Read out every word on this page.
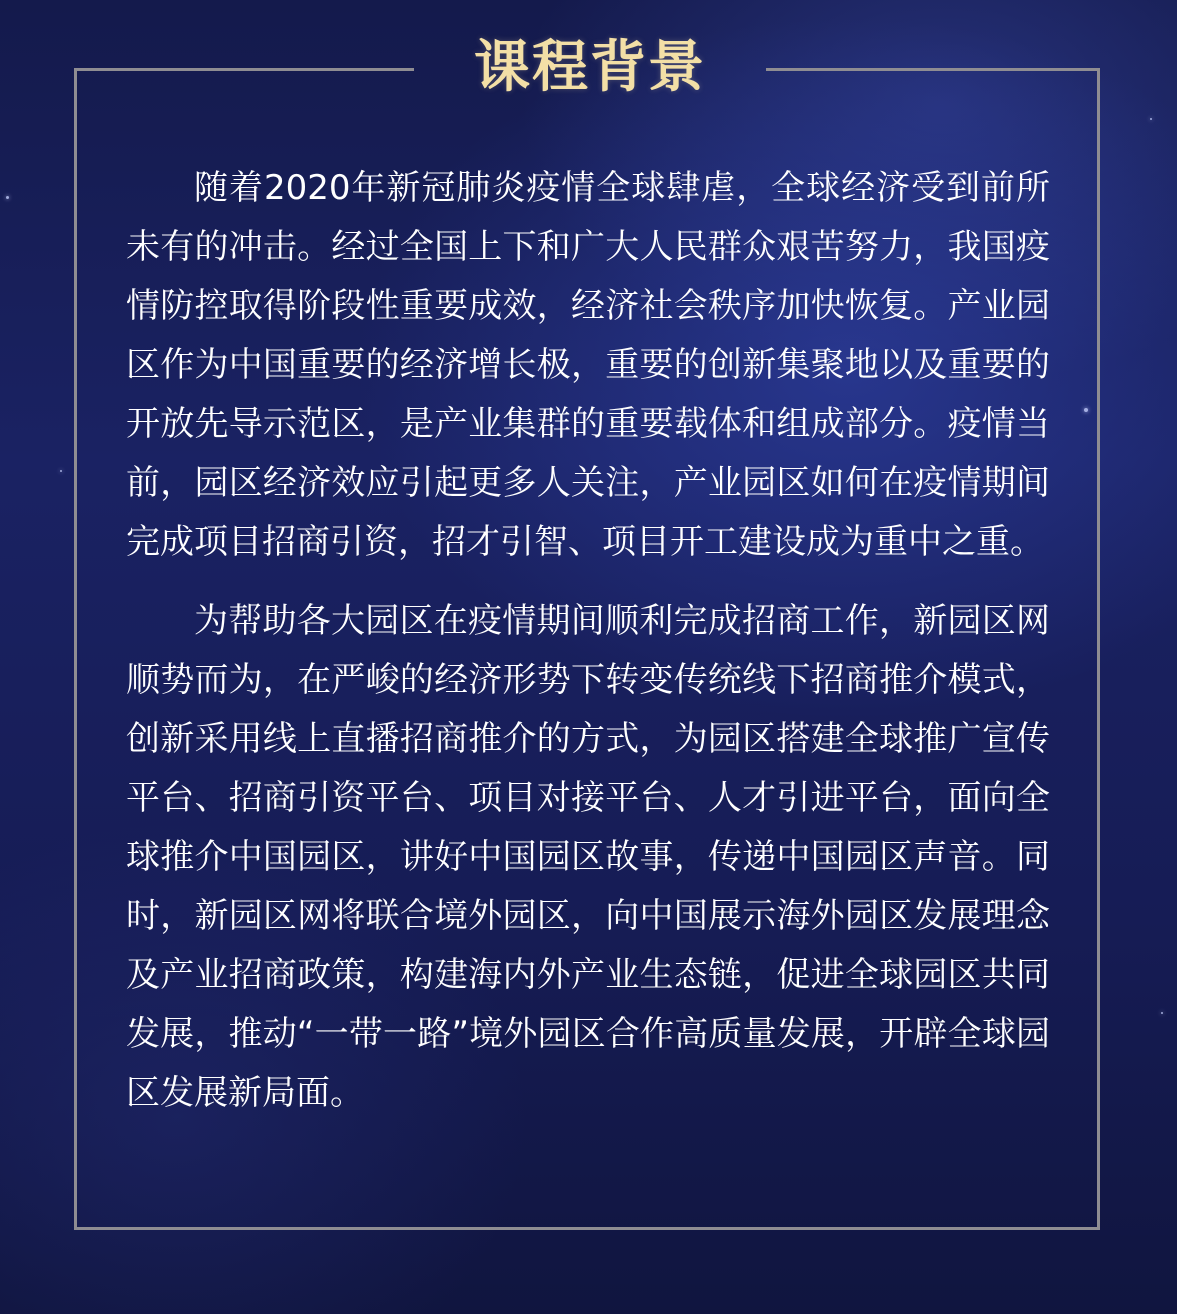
课程背景

随着2020年新冠肺炎疫情全球肆虐，全球经济受到前所未有的冲击。经过全国上下和广大人民群众艰苦努力，我国疫情防控取得阶段性重要成效，经济社会秩序加快恢复。产业园区作为中国重要的经济增长极，重要的创新集聚地以及重要的开放先导示范区，是产业集群的重要载体和组成部分。疫情当前，园区经济效应引起更多人关注，产业园区如何在疫情期间完成项目招商引资，招才引智、项目开工建设成为重中之重。

为帮助各大园区在疫情期间顺利完成招商工作，新园区网顺势而为，在严峻的经济形势下转变传统线下招商推介模式，创新采用线上直播招商推介的方式，为园区搭建全球推广宣传平台、招商引资平台、项目对接平台、人才引进平台，面向全球推介中国园区，讲好中国园区故事，传递中国园区声音。同时，新园区网将联合境外园区，向中国展示海外园区发展理念及产业招商政策，构建海内外产业生态链，促进全球园区共同发展，推动“一带一路”境外园区合作高质量发展，开辟全球园区发展新局面。
